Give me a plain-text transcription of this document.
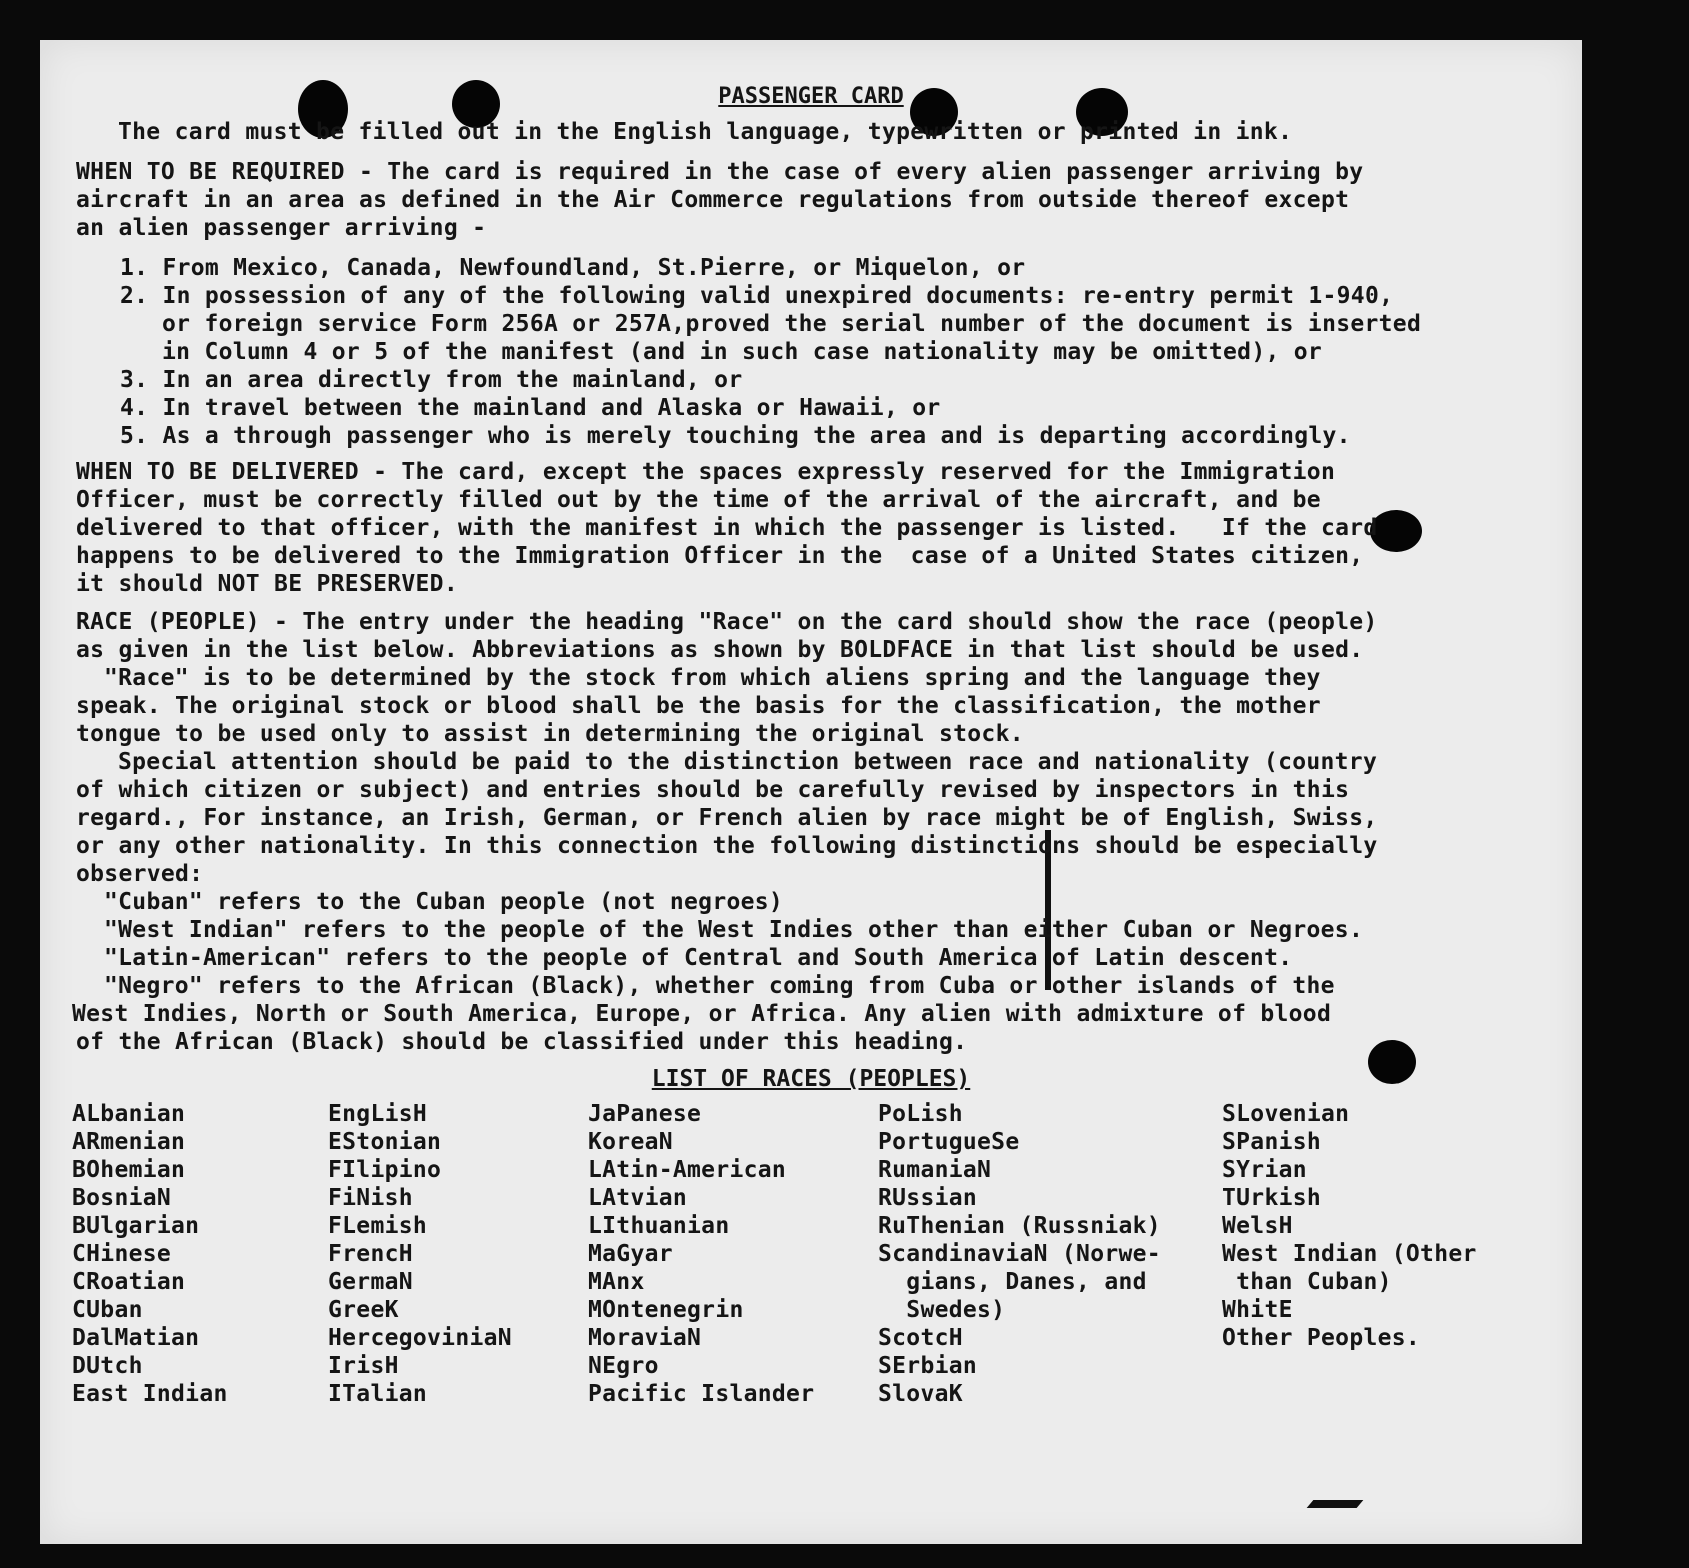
PASSENGER CARD
The card must be filled out in the English language, typewritten or printed in ink.
WHEN TO BE REQUIRED - The card is required in the case of every alien passenger arriving by
aircraft in an area as defined in the Air Commerce regulations from outside thereof except
an alien passenger arriving -
1. From Mexico, Canada, Newfoundland, St.Pierre, or Miquelon, or
2. In possession of any of the following valid unexpired documents: re-entry permit 1-940,
or foreign service Form 256A or 257A,proved the serial number of the document is inserted
in Column 4 or 5 of the manifest (and in such case nationality may be omitted), or
3. In an area directly from the mainland, or
4. In travel between the mainland and Alaska or Hawaii, or
5. As a through passenger who is merely touching the area and is departing accordingly.
WHEN TO BE DELIVERED - The card, except the spaces expressly reserved for the Immigration
Officer, must be correctly filled out by the time of the arrival of the aircraft, and be
delivered to that officer, with the manifest in which the passenger is listed.   If the card
happens to be delivered to the Immigration Officer in the  case of a United States citizen,
it should NOT BE PRESERVED.
RACE (PEOPLE) - The entry under the heading "Race" on the card should show the race (people)
as given in the list below. Abbreviations as shown by BOLDFACE in that list should be used.
"Race" is to be determined by the stock from which aliens spring and the language they
speak. The original stock or blood shall be the basis for the classification, the mother
tongue to be used only to assist in determining the original stock.
Special attention should be paid to the distinction between race and nationality (country
of which citizen or subject) and entries should be carefully revised by inspectors in this
regard., For instance, an Irish, German, or French alien by race might be of English, Swiss,
or any other nationality. In this connection the following distinctions should be especially
observed:
"Cuban" refers to the Cuban people (not negroes)
"West Indian" refers to the people of the West Indies other than either Cuban or Negroes.
"Latin-American" refers to the people of Central and South America of Latin descent.
"Negro" refers to the African (Black), whether coming from Cuba or other islands of the
West Indies, North or South America, Europe, or Africa. Any alien with admixture of blood
of the African (Black) should be classified under this heading.
LIST OF RACES (PEOPLES)
ALbanian
ARmenian
BOhemian
BosniaN
BUlgarian
CHinese
CRoatian
CUban
DalMatian
DUtch
East Indian
EngLisH
EStonian
FIlipino
FiNish
FLemish
FrencH
GermaN
GreeK
HercegoviniaN
IrisH
ITalian
JaPanese
KoreaN
LAtin-American
LAtvian
LIthuanian
MaGyar
MAnx
MOntenegrin
MoraviaN
NEgro
Pacific Islander
PoLish
PortugueSe
RumaniaN
RUssian
RuThenian (Russniak)
ScandinaviaN (Norwe-
gians, Danes, and
Swedes)
ScotcH
SErbian
SlovaK
SLovenian
SPanish
SYrian
TUrkish
WelsH
West Indian (Other
than Cuban)
WhitE
Other Peoples.
